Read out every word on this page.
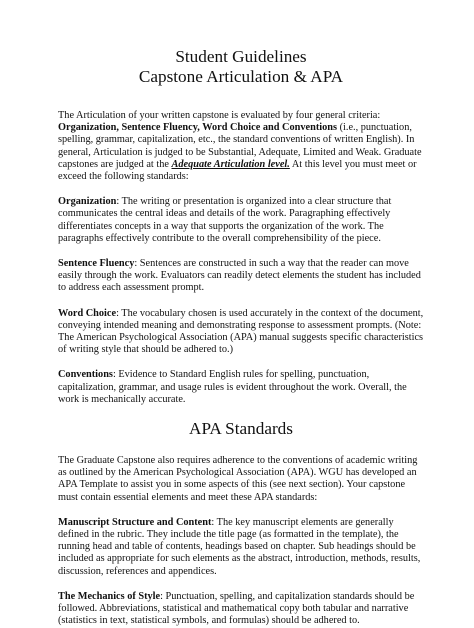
Student Guidelines
Capstone Articulation & APA

The Articulation of your written capstone is evaluated by four general criteria: Organization, Sentence Fluency, Word Choice and Conventions (i.e., punctuation, spelling, grammar, capitalization, etc., the standard conventions of written English). In general, Articulation is judged to be Substantial, Adequate, Limited and Weak. Graduate capstones are judged at the Adequate Articulation level. At this level you must meet or exceed the following standards:

Organization: The writing or presentation is organized into a clear structure that communicates the central ideas and details of the work. Paragraphing effectively differentiates concepts in a way that supports the organization of the work. The paragraphs effectively contribute to the overall comprehensibility of the piece.

Sentence Fluency: Sentences are constructed in such a way that the reader can move easily through the work. Evaluators can readily detect elements the student has included to address each assessment prompt.

Word Choice: The vocabulary chosen is used accurately in the context of the document, conveying intended meaning and demonstrating response to assessment prompts. (Note: The American Psychological Association (APA) manual suggests specific characteristics of writing style that should be adhered to.)

Conventions: Evidence to Standard English rules for spelling, punctuation, capitalization, grammar, and usage rules is evident throughout the work. Overall, the work is mechanically accurate.

APA Standards

The Graduate Capstone also requires adherence to the conventions of academic writing as outlined by the American Psychological Association (APA). WGU has developed an APA Template to assist you in some aspects of this (see next section). Your capstone must contain essential elements and meet these APA standards:

Manuscript Structure and Content: The key manuscript elements are generally defined in the rubric. They include the title page (as formatted in the template), the running head and table of contents, headings based on chapter. Sub headings should be included as appropriate for such elements as the abstract, introduction, methods, results, discussion, references and appendices.

The Mechanics of Style: Punctuation, spelling, and capitalization standards should be followed. Abbreviations, statistical and mathematical copy both tabular and narrative (statistics in text, statistical symbols, and formulas) should be adhered to.
